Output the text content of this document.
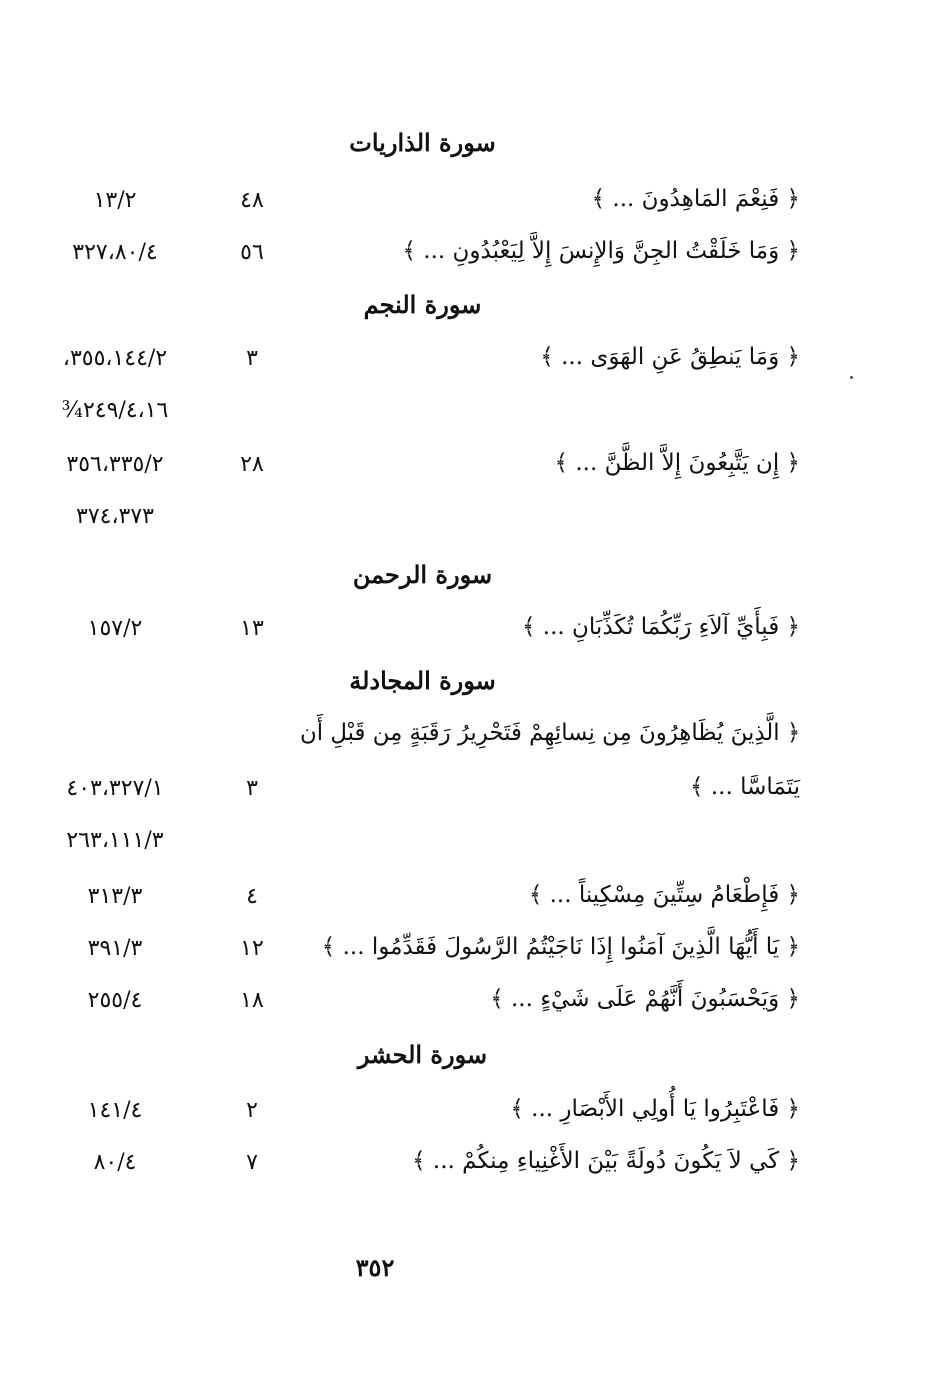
سورة الذاريات
﴿ فَنِعْمَ المَاهِدُونَ ... ﴾
٤٨
١٣/٢
﴿ وَمَا خَلَقْتُ الجِنَّ وَالإِنسَ إِلاَّ لِيَعْبُدُونِ ... ﴾
٥٦
٣٢٧،٨٠/٤
سورة النجم
﴿ وَمَا يَنطِقُ عَنِ الهَوَى ... ﴾
٣
٣٥٥،١٤٤/٢،
٢٤٩/٤،١٦¾
﴿ إِن يَتَّبِعُونَ إِلاَّ الظَّنَّ ... ﴾
٢٨
٣٥٦،٣٣٥/٢
٣٧٤،٣٧٣
سورة الرحمن
﴿ فَبِأَيِّ آلاَءِ رَبِّكُمَا تُكَذِّبَانِ ... ﴾
١٣
١٥٧/٢
سورة المجادلة
﴿ الَّذِينَ يُظَاهِرُونَ مِن نِسائِهِمْ فَتَحْرِيرُ رَقَبَةٍ مِن قَبْلِ أَن
يَتَمَاسَّا ... ﴾
٣
٤٠٣،٣٢٧/١
٢٦٣،١١١/٣
﴿ فَإِطْعَامُ سِتِّينَ مِسْكِيناً ... ﴾
٤
٣١٣/٣
﴿ يَا أَيُّهَا الَّذِينَ آمَنُوا إِذَا نَاجَيْتُمُ الرَّسُولَ فَقَدِّمُوا ... ﴾
١٢
٣٩١/٣
﴿ وَيَحْسَبُونَ أَنَّهُمْ عَلَى شَيْءٍ ... ﴾
١٨
٢٥٥/٤
سورة الحشر
﴿ فَاعْتَبِرُوا يَا أُولِي الأَبْصَارِ ... ﴾
٢
١٤١/٤
﴿ كَي لاَ يَكُونَ دُولَةً بَيْنَ الأَغْنِياءِ مِنكُمْ ... ﴾
٧
٨٠/٤
٣٥٢
